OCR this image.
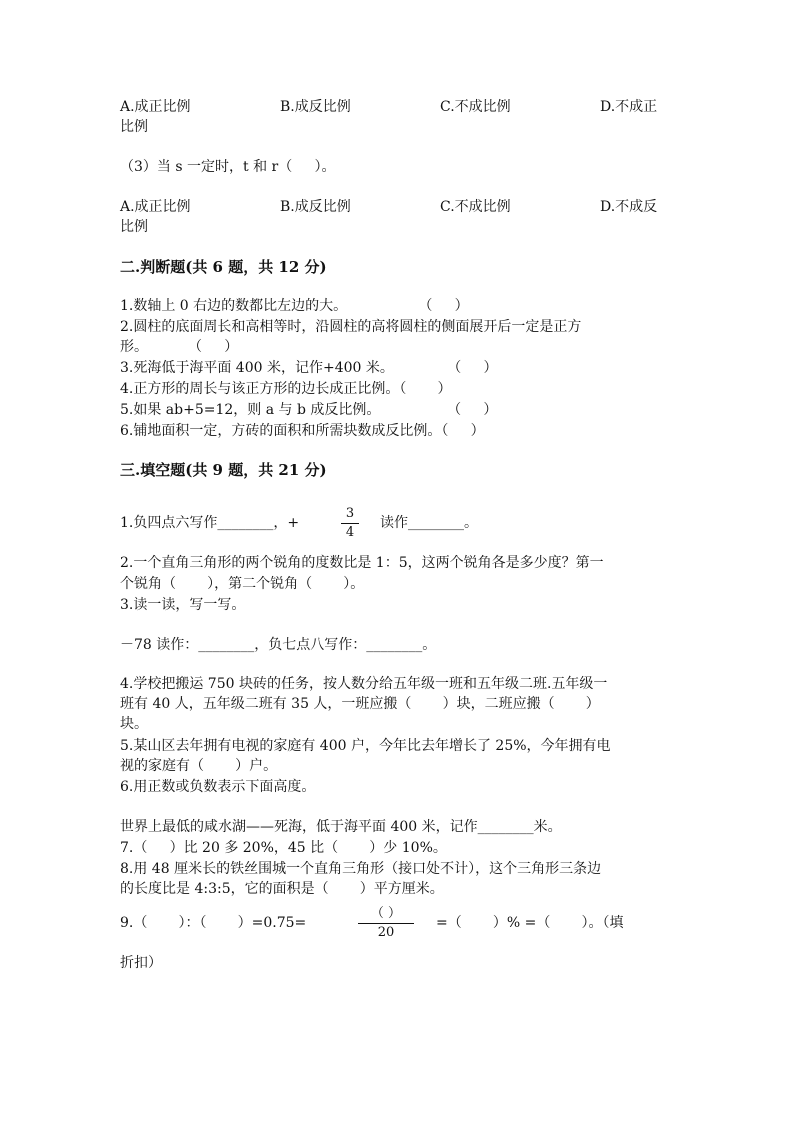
A.成正比例	B.成反比例	C.不成比例	D.不成正
比例
（3）当 s 一定时，t 和 r（     ）。
A.成正比例	B.成反比例	C.不成比例	D.不成反
比例
二.判断题(共 6 题，共 12 分)
1.数轴上 0 右边的数都比左边的大。                （     ）
2.圆柱的底面周长和高相等时，沿圆柱的高将圆柱的侧面展开后一定是正方
形。         （     ）
3.死海低于海平面 400 米，记作+400 米。            （     ）
4.正方形的周长与该正方形的边长成正比例。（       ）
5.如果 ab+5=12，则 a 与 b 成反比例。               （     ）
6.铺地面积一定，方砖的面积和所需块数成反比例。（     ）
三.填空题(共 9 题，共 21 分)
1.负四点六写作________，+
3
4
读作________。
2.一个直角三角形的两个锐角的度数比是 1：5，这两个锐角各是多少度？第一
个锐角（       ），第二个锐角（       ）。
3.读一读，写一写。
－78 读作：________，负七点八写作：________。
4.学校把搬运 750 块砖的任务，按人数分给五年级一班和五年级二班.五年级一
班有 40 人，五年级二班有 35 人，一班应搬（       ）块，二班应搬（       ）
块。
5.某山区去年拥有电视的家庭有 400 户，今年比去年增长了 25%，今年拥有电
视的家庭有（       ）户。
6.用正数或负数表示下面高度。
世界上最低的咸水湖——死海，低于海平面 400 米，记作________米。
7.（     ）比 20 多 20%，45 比（       ）少 10%。
8.用 48 厘米长的铁丝围城一个直角三角形（接口处不计），这个三角形三条边
的长度比是 4:3:5，它的面积是（       ）平方厘米。
9.（       ）：（       ）=0.75=
（ ）
20
=（       ）% =（       ）。（填
折扣）
